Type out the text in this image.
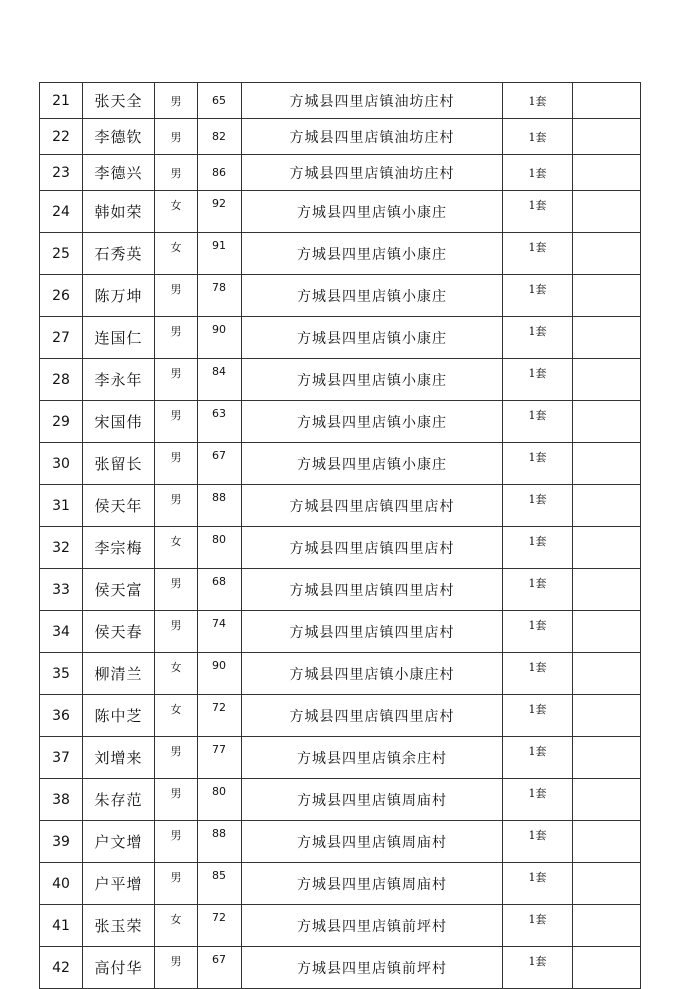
21	张天全	男	65	方城县四里店镇油坊庄村	1套	
22	李德钦	男	82	方城县四里店镇油坊庄村	1套	
23	李德兴	男	86	方城县四里店镇油坊庄村	1套	
24	韩如荣	女	92	方城县四里店镇小康庄	1套	
25	石秀英	女	91	方城县四里店镇小康庄	1套	
26	陈万坤	男	78	方城县四里店镇小康庄	1套	
27	连国仁	男	90	方城县四里店镇小康庄	1套	
28	李永年	男	84	方城县四里店镇小康庄	1套	
29	宋国伟	男	63	方城县四里店镇小康庄	1套	
30	张留长	男	67	方城县四里店镇小康庄	1套	
31	侯天年	男	88	方城县四里店镇四里店村	1套	
32	李宗梅	女	80	方城县四里店镇四里店村	1套	
33	侯天富	男	68	方城县四里店镇四里店村	1套	
34	侯天春	男	74	方城县四里店镇四里店村	1套	
35	柳清兰	女	90	方城县四里店镇小康庄村	1套	
36	陈中芝	女	72	方城县四里店镇四里店村	1套	
37	刘增来	男	77	方城县四里店镇余庄村	1套	
38	朱存范	男	80	方城县四里店镇周庙村	1套	
39	户文增	男	88	方城县四里店镇周庙村	1套	
40	户平增	男	85	方城县四里店镇周庙村	1套	
41	张玉荣	女	72	方城县四里店镇前坪村	1套	
42	高付华	男	67	方城县四里店镇前坪村	1套	
